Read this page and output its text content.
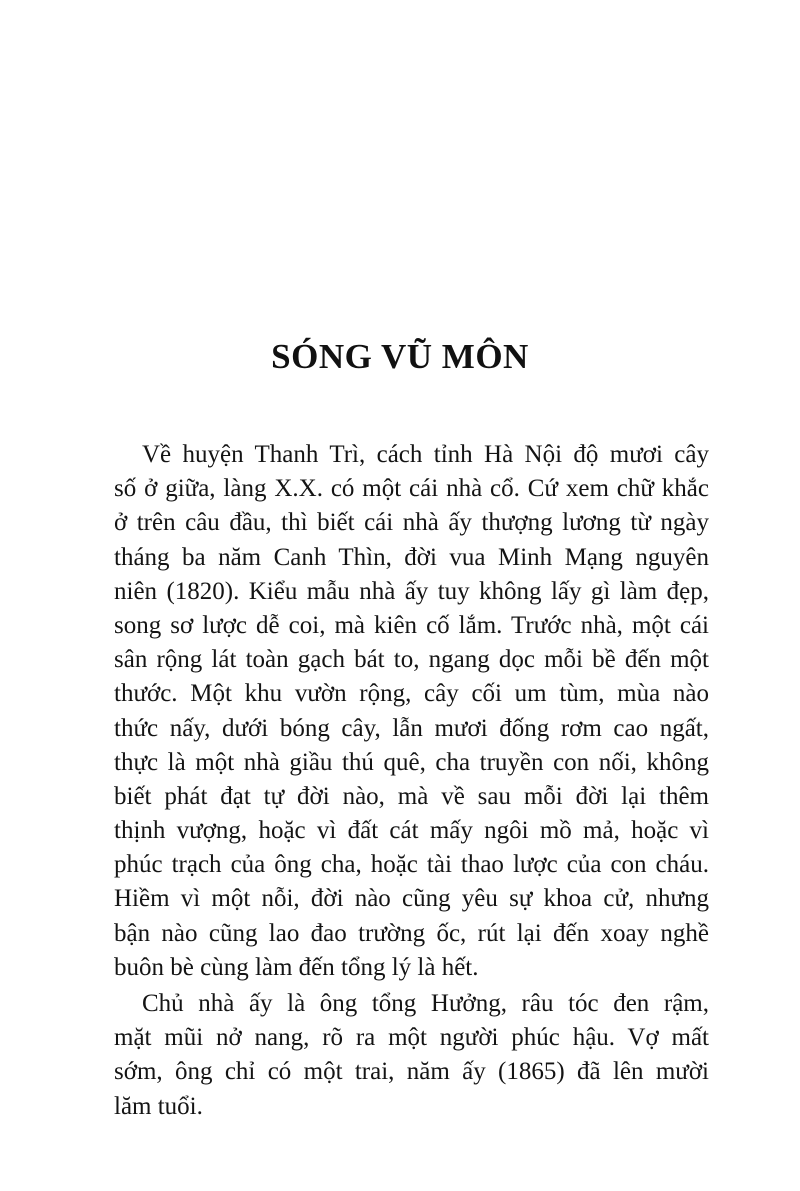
SÓNG VŨ MÔN
Về huyện Thanh Trì, cách tỉnh Hà Nội độ mươi cây
số ở giữa, làng X.X. có một cái nhà cổ. Cứ xem chữ khắc
ở trên câu đầu, thì biết cái nhà ấy thượng lương từ ngày
tháng ba năm Canh Thìn, đời vua Minh Mạng nguyên
niên (1820). Kiểu mẫu nhà ấy tuy không lấy gì làm đẹp,
song sơ lược dễ coi, mà kiên cố lắm. Trước nhà, một cái
sân rộng lát toàn gạch bát to, ngang dọc mỗi bề đến một
thước. Một khu vườn rộng, cây cối um tùm, mùa nào
thức nấy, dưới bóng cây, lẫn mươi đống rơm cao ngất,
thực là một nhà giầu thú quê, cha truyền con nối, không
biết phát đạt tự đời nào, mà về sau mỗi đời lại thêm
thịnh vượng, hoặc vì đất cát mấy ngôi mồ mả, hoặc vì
phúc trạch của ông cha, hoặc tài thao lược của con cháu.
Hiềm vì một nỗi, đời nào cũng yêu sự khoa cử, nhưng
bận nào cũng lao đao trường ốc, rút lại đến xoay nghề
buôn bè cùng làm đến tổng lý là hết.
Chủ nhà ấy là ông tổng Hưởng, râu tóc đen rậm,
mặt mũi nở nang, rõ ra một người phúc hậu. Vợ mất
sớm, ông chỉ có một trai, năm ấy (1865) đã lên mười
lăm tuổi.
